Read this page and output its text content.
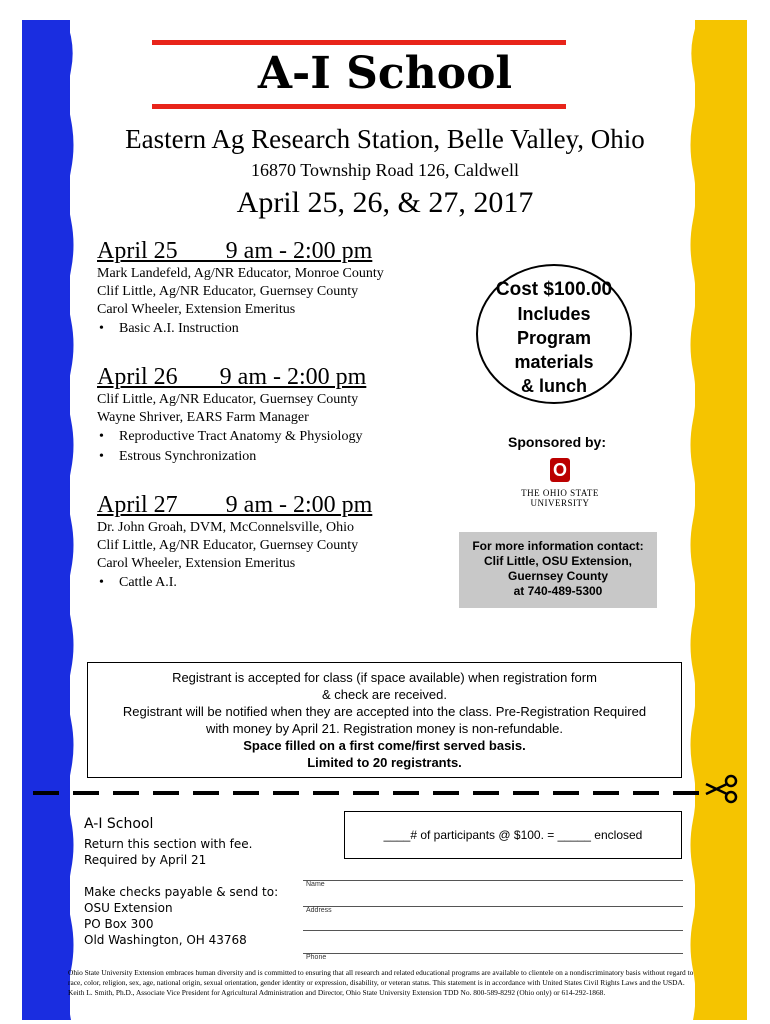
A-I School
Eastern Ag Research Station, Belle Valley, Ohio
16870 Township Road 126, Caldwell
April 25, 26, & 27, 2017
April 25        9 am - 2:00 pm
Mark Landefeld, Ag/NR Educator, Monroe County
Clif Little, Ag/NR Educator, Guernsey County
Carol Wheeler, Extension Emeritus
• Basic A.I. Instruction
April 26       9 am - 2:00 pm
Clif Little, Ag/NR Educator, Guernsey County
Wayne Shriver, EARS Farm Manager
• Reproductive Tract Anatomy & Physiology
• Estrous Synchronization
April 27        9 am - 2:00 pm
Dr. John Groah, DVM, McConnelsville, Ohio
Clif Little, Ag/NR Educator, Guernsey County
Carol Wheeler, Extension Emeritus
• Cattle A.I.
Cost $100.00
Includes
Program
materials
& lunch
Sponsored by:
O
THE OHIO STATE
UNIVERSITY
For more information contact:
Clif Little, OSU Extension,
Guernsey County
at 740-489-5300
Registrant is accepted for class (if space available) when registration form
& check are received.
Registrant will be notified when they are accepted into the class. Pre-Registration Required
with money by April 21. Registration money is non-refundable.
Space filled on a first come/first served basis.
Limited to 20 registrants.
A-I School
Return this section with fee.
Required by April 21
Make checks payable & send to:
OSU Extension
PO Box 300
Old Washington, OH 43768
____# of participants @ $100. = _____ enclosed
Name
Address
Phone
Ohio State University Extension embraces human diversity and is committed to ensuring that all research and related educational programs are available to clientele on a nondiscriminatory basis without regard to race, color, religion, sex, age, national origin, sexual orientation, gender identity or expression, disability, or veteran status. This statement is in accordance with United States Civil Rights Laws and the USDA. Keith L. Smith, Ph.D., Associate Vice President for Agricultural Administration and Director, Ohio State University Extension TDD No. 800-589-8292 (Ohio only) or 614-292-1868.
